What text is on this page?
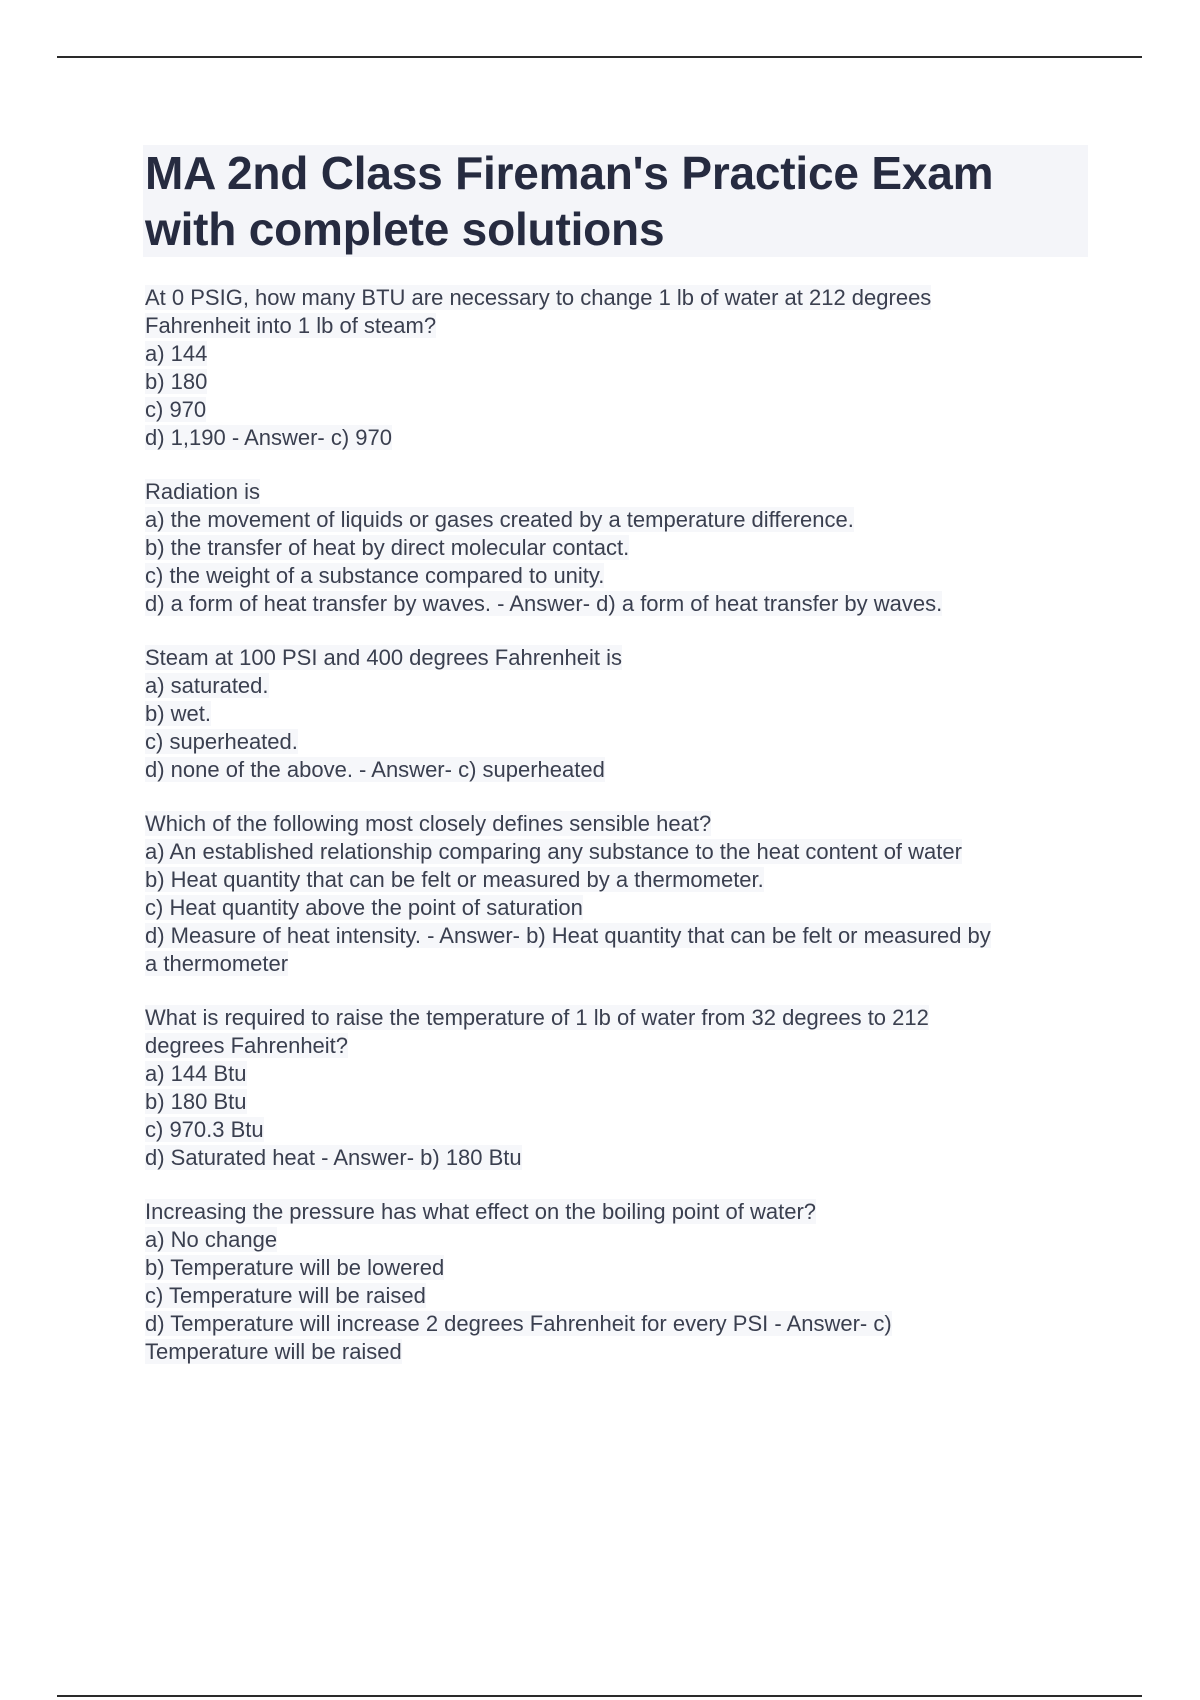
MA 2nd Class Fireman's Practice Exam
with complete solutions
At 0 PSIG, how many BTU are necessary to change 1 lb of water at 212 degrees
Fahrenheit into 1 lb of steam?
a) 144
b) 180
c) 970
d) 1,190 - Answer- c) 970
Radiation is
a) the movement of liquids or gases created by a temperature difference.
b) the transfer of heat by direct molecular contact.
c) the weight of a substance compared to unity.
d) a form of heat transfer by waves. - Answer- d) a form of heat transfer by waves.
Steam at 100 PSI and 400 degrees Fahrenheit is
a) saturated.
b) wet.
c) superheated.
d) none of the above. - Answer- c) superheated
Which of the following most closely defines sensible heat?
a) An established relationship comparing any substance to the heat content of water
b) Heat quantity that can be felt or measured by a thermometer.
c) Heat quantity above the point of saturation
d) Measure of heat intensity. - Answer- b) Heat quantity that can be felt or measured by
a thermometer
What is required to raise the temperature of 1 lb of water from 32 degrees to 212
degrees Fahrenheit?
a) 144 Btu
b) 180 Btu
c) 970.3 Btu
d) Saturated heat - Answer- b) 180 Btu
Increasing the pressure has what effect on the boiling point of water?
a) No change
b) Temperature will be lowered
c) Temperature will be raised
d) Temperature will increase 2 degrees Fahrenheit for every PSI - Answer- c)
Temperature will be raised
